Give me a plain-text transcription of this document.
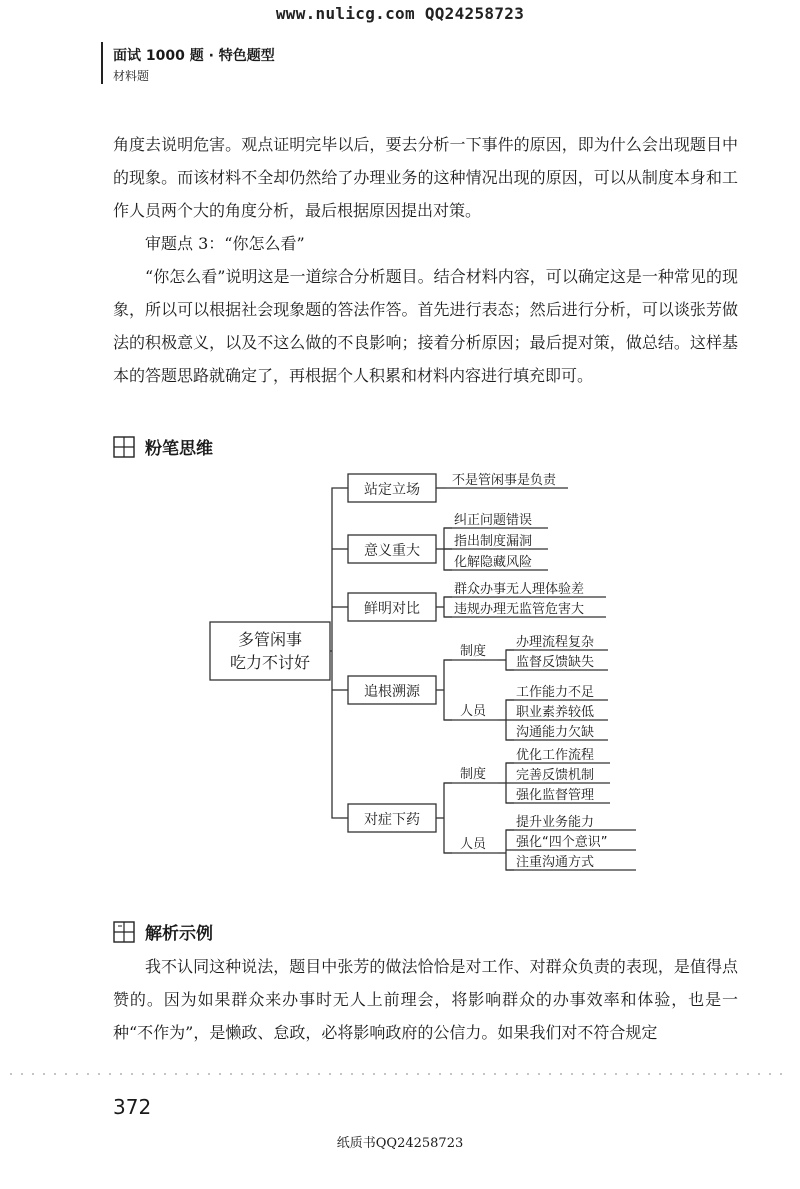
www.nulicg.com QQ24258723
面试 1000 题 · 特色题型
材料题

角度去说明危害。观点证明完毕以后，要去分析一下事件的原因，即为什么会出现题目中的现象。而该材料不全却仍然给了办理业务的这种情况出现的原因，可以从制度本身和工作人员两个大的角度分析，最后根据原因提出对策。

审题点 3：“你怎么看”

“你怎么看”说明这是一道综合分析题目。结合材料内容，可以确定这是一种常见的现象，所以可以根据社会现象题的答法作答。首先进行表态；然后进行分析，可以谈张芳做法的积极意义，以及不这么做的不良影响；接着分析原因；最后提对策，做总结。这样基本的答题思路就确定了，再根据个人积累和材料内容进行填充即可。

粉笔思维
多管闲事
吃力不讨好
站定立场
意义重大
鲜明对比
追根溯源
对症下药
不是管闲事是负责
纠正问题错误
指出制度漏洞
化解隐藏风险
群众办事无人理体验差
违规办理无监管危害大
制度
人员
办理流程复杂
监督反馈缺失
工作能力不足
职业素养较低
沟通能力欠缺
制度
人员
优化工作流程
完善反馈机制
强化监督管理
提升业务能力
强化“四个意识”
注重沟通方式
解析示例

我不认同这种说法，题目中张芳的做法恰恰是对工作、对群众负责的表现，是值得点赞的。因为如果群众来办事时无人上前理会，将影响群众的办事效率和体验，也是一种“不作为”，是懒政、怠政，必将影响政府的公信力。如果我们对不符合规定

372
纸质书QQ24258723
